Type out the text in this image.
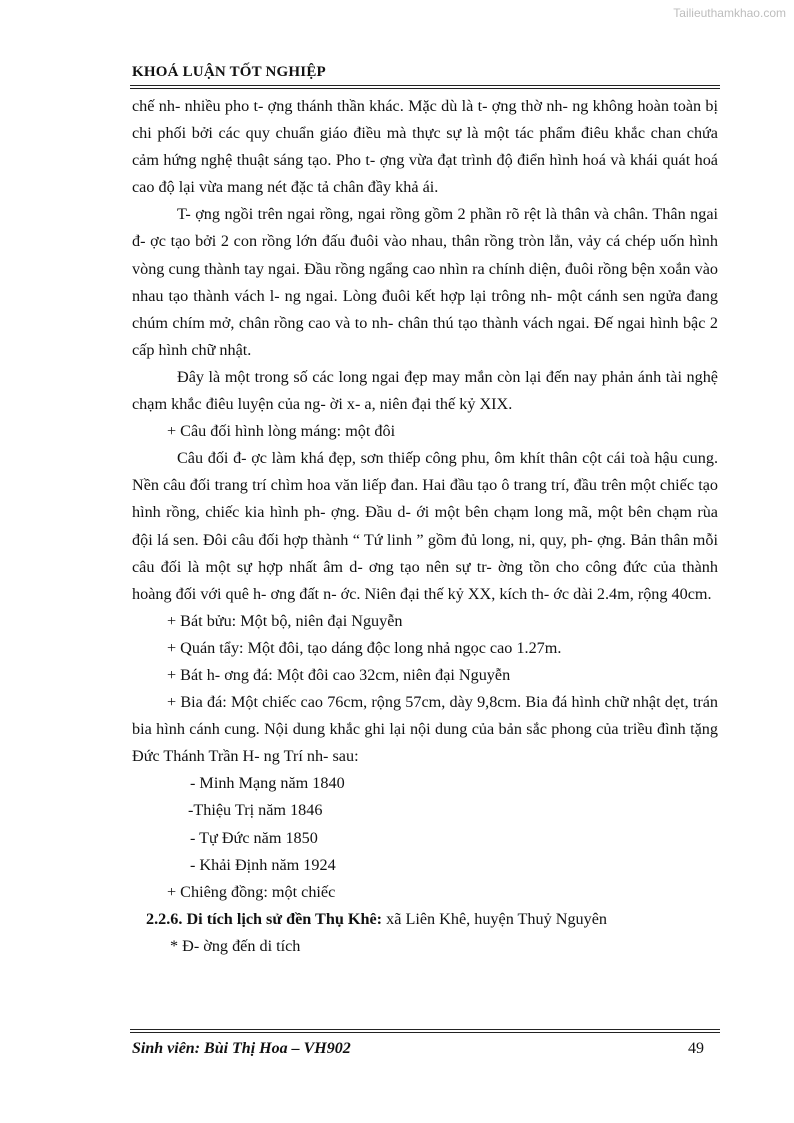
Tailieuthamkhao.com
KHOÁ LUẬN TỐT NGHIỆP

chế nh- nhiều pho t- ợng thánh thần khác. Mặc dù là t- ợng thờ nh- ng không hoàn toàn bị chi phối bởi các quy chuẩn giáo điều mà thực sự là một tác phẩm điêu khắc chan chứa cảm hứng nghệ thuật sáng tạo. Pho t- ợng vừa đạt trình độ điển hình hoá và khái quát hoá cao độ lại vừa mang nét đặc tả chân đầy khả ái.

T- ợng ngồi trên ngai rồng, ngai rồng gồm 2 phần rõ rệt là thân và chân. Thân ngai đ- ợc tạo bởi 2 con rồng lớn đấu đuôi vào nhau, thân rồng tròn lẳn, vảy cá chép uốn hình vòng cung thành tay ngai. Đầu rồng ngẩng cao nhìn ra chính diện, đuôi rồng bện xoắn vào nhau tạo thành vách l- ng ngai. Lòng đuôi kết hợp lại trông nh- một cánh sen ngửa đang chúm chím mở, chân rồng cao và to nh- chân thú tạo thành vách ngai. Đế ngai hình bậc 2 cấp hình chữ nhật.

Đây là một trong số các long ngai đẹp may mắn còn lại đến nay phản ánh tài nghệ chạm khắc điêu luyện của ng- ời x- a, niên đại thế kỷ XIX.

+ Câu đối hình lòng máng: một đôi

Câu đối đ- ợc làm khá đẹp, sơn thiếp công phu, ôm khít thân cột cái toà hậu cung. Nền câu đối trang trí chìm hoa văn liếp đan. Hai đầu tạo ô trang trí, đầu trên một chiếc tạo hình rồng, chiếc kia hình ph- ợng. Đầu d- ới một bên chạm long mã, một bên chạm rùa đội lá sen. Đôi câu đối hợp thành “ Tứ linh ” gồm đủ long, ni, quy, ph- ợng. Bản thân mỗi câu đối là một sự hợp nhất âm d- ơng tạo nên sự tr- ờng tồn cho công đức của thành hoàng đối với quê h- ơng đất n- ớc. Niên đại thế kỷ XX, kích th- ớc dài 2.4m, rộng 40cm.

+ Bát bửu: Một bộ, niên đại Nguyễn

+ Quán tẩy: Một đôi, tạo dáng độc long nhả ngọc cao 1.27m.

+ Bát h- ơng đá: Một đôi cao 32cm, niên đại Nguyễn

+ Bia đá: Một chiếc cao 76cm, rộng 57cm, dày 9,8cm. Bia đá hình chữ nhật dẹt, trán bia hình cánh cung. Nội dung khắc ghi lại nội dung của bản sắc phong của triều đình tặng Đức Thánh Trần H- ng Trí nh- sau:

- Minh Mạng năm 1840

-Thiệu Trị năm 1846

- Tự Đức năm 1850

- Khải Định năm 1924

+ Chiêng đồng: một chiếc

2.2.6. Di tích lịch sử đền Thụ Khê: xã Liên Khê, huyện Thuỷ Nguyên

* Đ- ờng đến di tích

Sinh viên: Bùi Thị Hoa – VH902	49
